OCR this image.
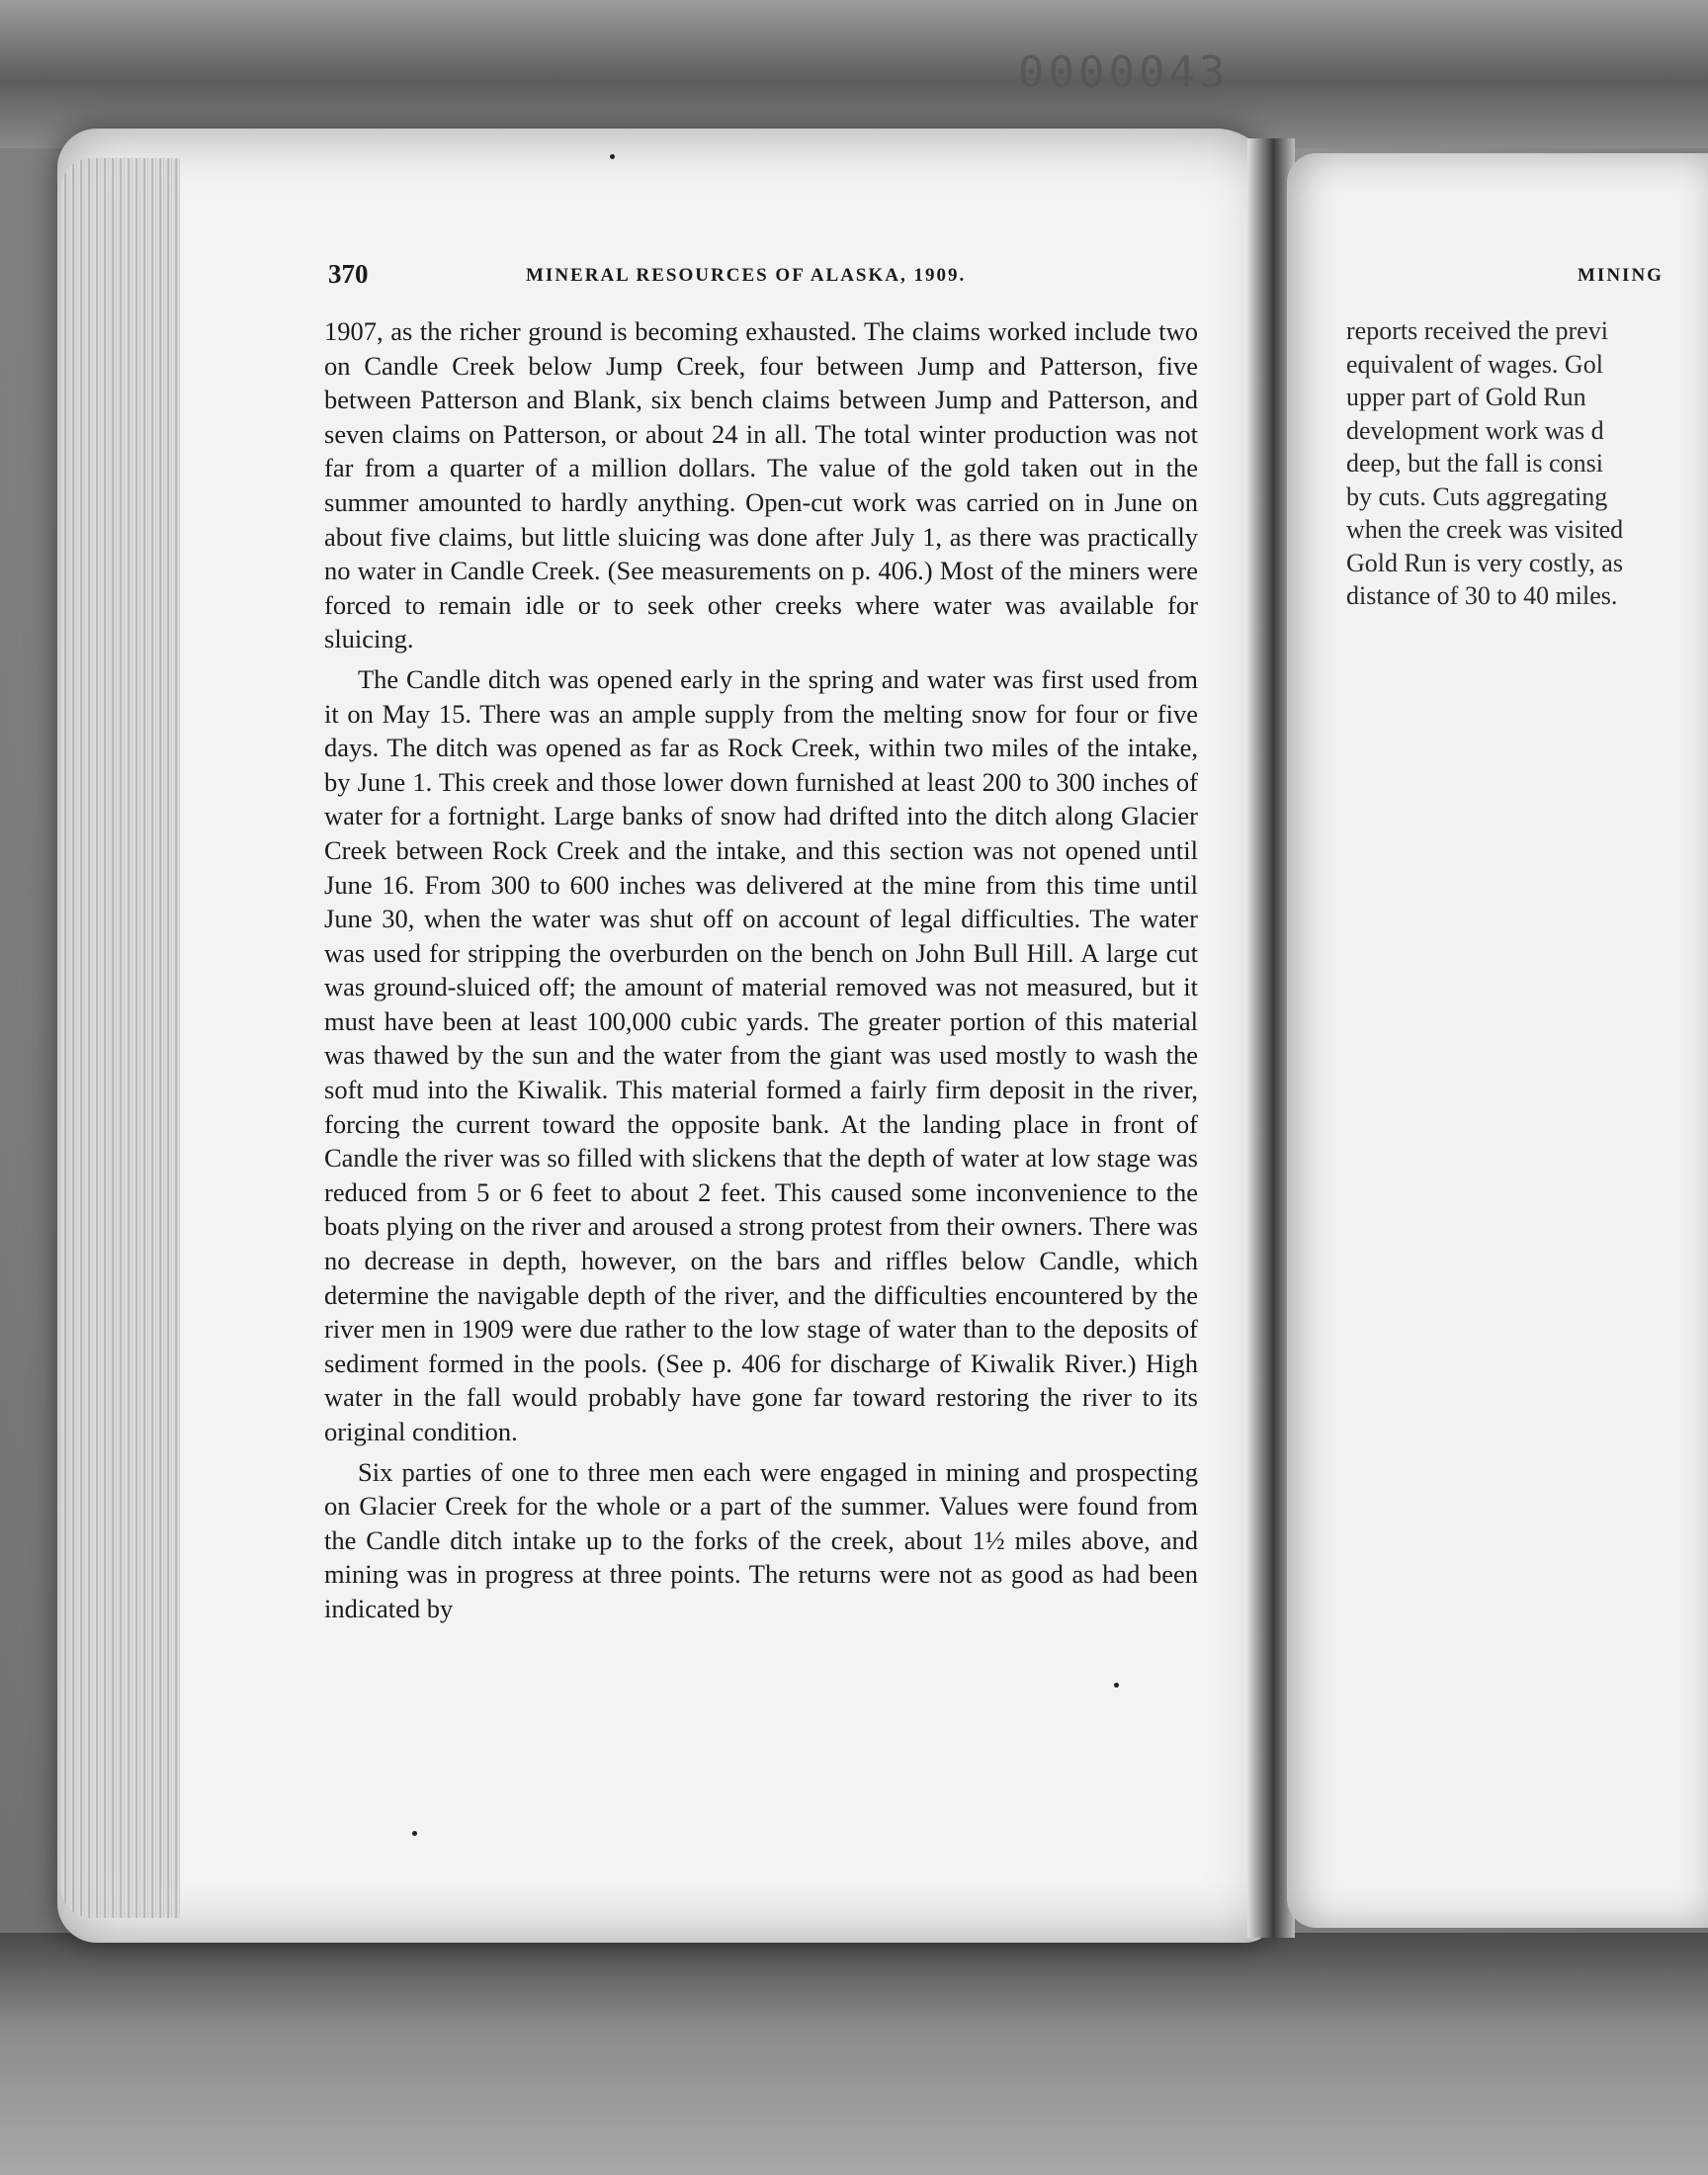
0000043
370	MINERAL RESOURCES OF ALASKA, 1909.

1907, as the richer ground is becoming exhausted. The claims worked include two on Candle Creek below Jump Creek, four between Jump and Patterson, five between Patterson and Blank, six bench claims between Jump and Patterson, and seven claims on Patterson, or about 24 in all. The total winter production was not far from a quarter of a million dollars. The value of the gold taken out in the summer amounted to hardly anything. Open-cut work was carried on in June on about five claims, but little sluicing was done after July 1, as there was practically no water in Candle Creek. (See measurements on p. 406.) Most of the miners were forced to remain idle or to seek other creeks where water was available for sluicing.

The Candle ditch was opened early in the spring and water was first used from it on May 15. There was an ample supply from the melting snow for four or five days. The ditch was opened as far as Rock Creek, within two miles of the intake, by June 1. This creek and those lower down furnished at least 200 to 300 inches of water for a fortnight. Large banks of snow had drifted into the ditch along Glacier Creek between Rock Creek and the intake, and this section was not opened until June 16. From 300 to 600 inches was delivered at the mine from this time until June 30, when the water was shut off on account of legal difficulties. The water was used for stripping the overburden on the bench on John Bull Hill. A large cut was ground-sluiced off; the amount of material removed was not measured, but it must have been at least 100,000 cubic yards. The greater portion of this material was thawed by the sun and the water from the giant was used mostly to wash the soft mud into the Kiwalik. This material formed a fairly firm deposit in the river, forcing the current toward the opposite bank. At the landing place in front of Candle the river was so filled with slickens that the depth of water at low stage was reduced from 5 or 6 feet to about 2 feet. This caused some inconvenience to the boats plying on the river and aroused a strong protest from their owners. There was no decrease in depth, however, on the bars and riffles below Candle, which determine the navigable depth of the river, and the difficulties encountered by the river men in 1909 were due rather to the low stage of water than to the deposits of sediment formed in the pools. (See p. 406 for discharge of Kiwalik River.) High water in the fall would probably have gone far toward restoring the river to its original condition.

Six parties of one to three men each were engaged in mining and prospecting on Glacier Creek for the whole or a part of the summer. Values were found from the Candle ditch intake up to the forks of the creek, about 1½ miles above, and mining was in progress at three points. The returns were not as good as had been indicated by

MINING
reports received the previ
equivalent of wages. Gol
upper part of Gold Run
development work was d
deep, but the fall is consi
by cuts. Cuts aggregating
when the creek was visited
Gold Run is very costly, as
distance of 30 to 40 miles.
